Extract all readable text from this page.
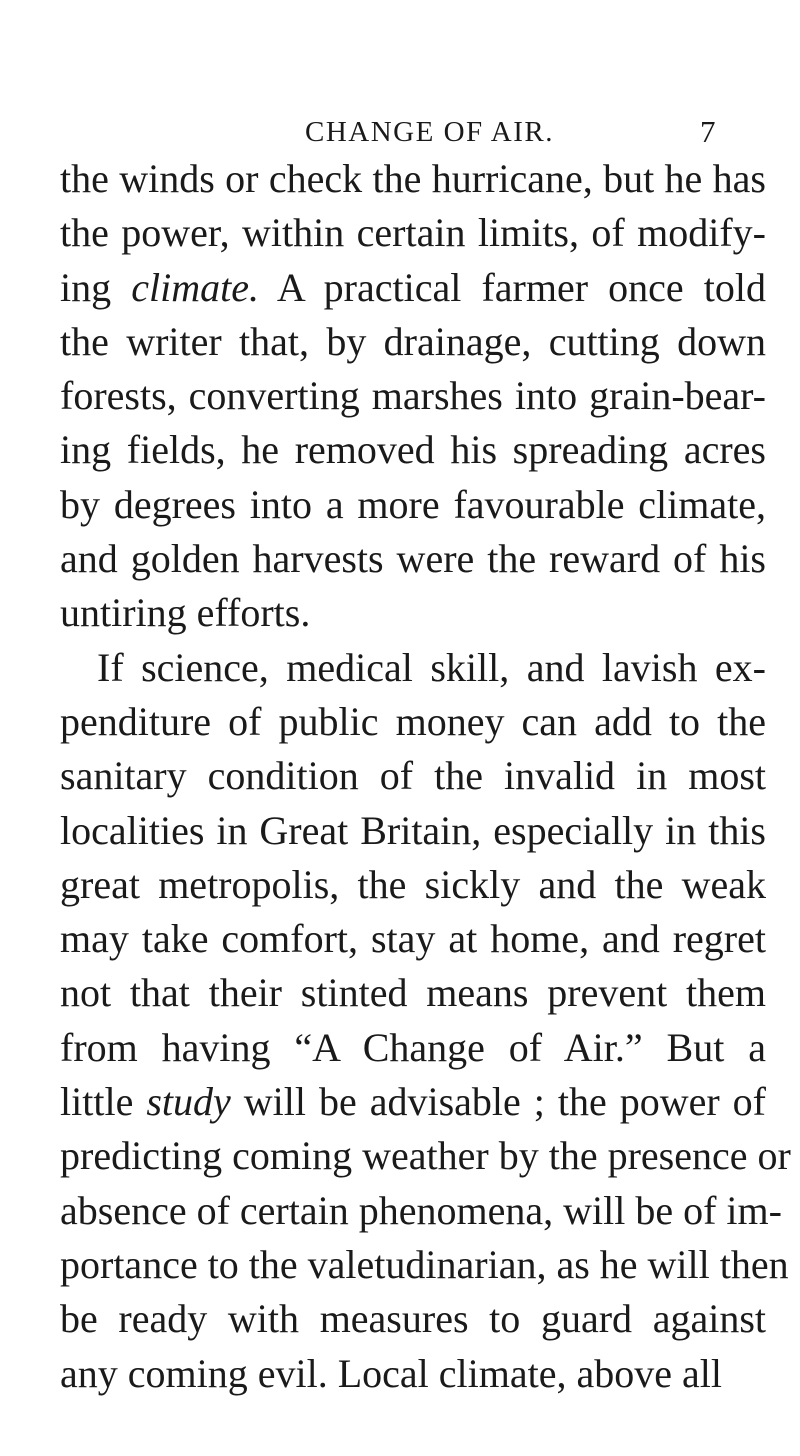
CHANGE OF AIR.	7
the winds or check the hurricane, but he has
the power, within certain limits, of modify-
ing climate. A practical farmer once told
the writer that, by drainage, cutting down
forests, converting marshes into grain-bear-
ing fields, he removed his spreading acres
by degrees into a more favourable climate,
and golden harvests were the reward of his
untiring efforts.
If science, medical skill, and lavish ex-
penditure of public money can add to the
sanitary condition of the invalid in most
localities in Great Britain, especially in this
great metropolis, the sickly and the weak
may take comfort, stay at home, and regret
not that their stinted means prevent them
from having “A Change of Air.” But a
little study will be advisable ; the power of
predicting coming weather by the presence or
absence of certain phenomena, will be of im-
portance to the valetudinarian, as he will then
be ready with measures to guard against
any coming evil. Local climate, above all
